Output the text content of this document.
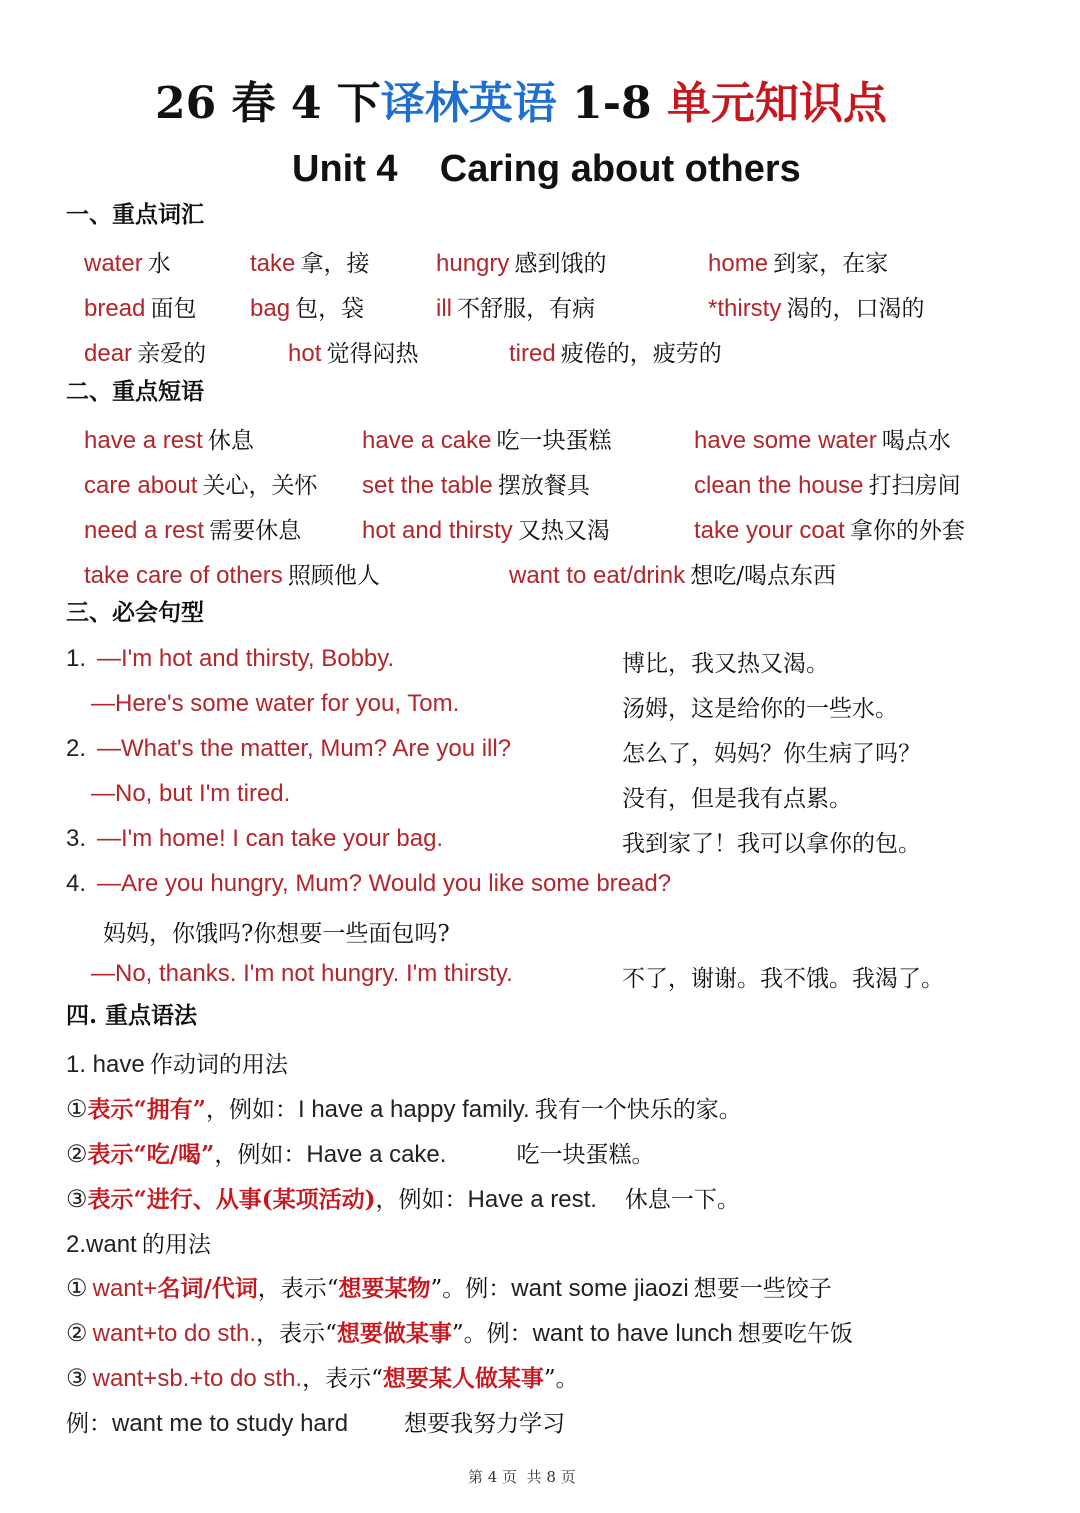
26 春 4 下译林英语 1-8 单元知识点
Unit 4    Caring about others
一、重点词汇
water 水	take 拿，接	hungry 感到饿的	home 到家，在家
bread 面包 bag 包，袋	ill 不舒服，有病	*thirsty 渴的，口渴的
dear 亲爱的	hot 觉得闷热	tired 疲倦的，疲劳的
二、重点短语
have a rest 休息	have a cake 吃一块蛋糕	have some water 喝点水
care about 关心，关怀 set the table 摆放餐具	clean the house 打扫房间
need a rest 需要休息	hot and thirsty 又热又渴	take your coat 拿你的外套
take care of others 照顾他人	want to eat/drink 想吃/喝点东西
三、必会句型
1. —I'm hot and thirsty, Bobby.	博比，我又热又渴。
—Here's some water for you, Tom.	汤姆，这是给你的一些水。
2. —What's the matter, Mum? Are you ill?	怎么了，妈妈？你生病了吗？
—No, but I'm tired.	没有，但是我有点累。
3. —I'm home! I can take your bag.	我到家了！我可以拿你的包。
4. —Are you hungry, Mum? Would you like some bread?
妈妈，你饿吗?你想要一些面包吗?
—No, thanks. I'm not hungry. I'm thirsty.	不了，谢谢。我不饿。我渴了。
四. 重点语法
1. have 作动词的用法
①表示“拥有”，例如：I have a happy family. 我有一个快乐的家。
②表示“吃/喝”，例如：Have a cake.	吃一块蛋糕。
③表示“进行、从事(某项活动)，例如：Have a rest. 休息一下。
2.want 的用法
① want+名词/代词，表示“想要某物”。例：want some jiaozi 想要一些饺子
② want+to do sth.，表示“想要做某事”。例：want to have lunch 想要吃午饭
③ want+sb.+to do sth.，表示“想要某人做某事”。
例：want me to study hard 想要我努力学习
第 4 页  共 8 页
